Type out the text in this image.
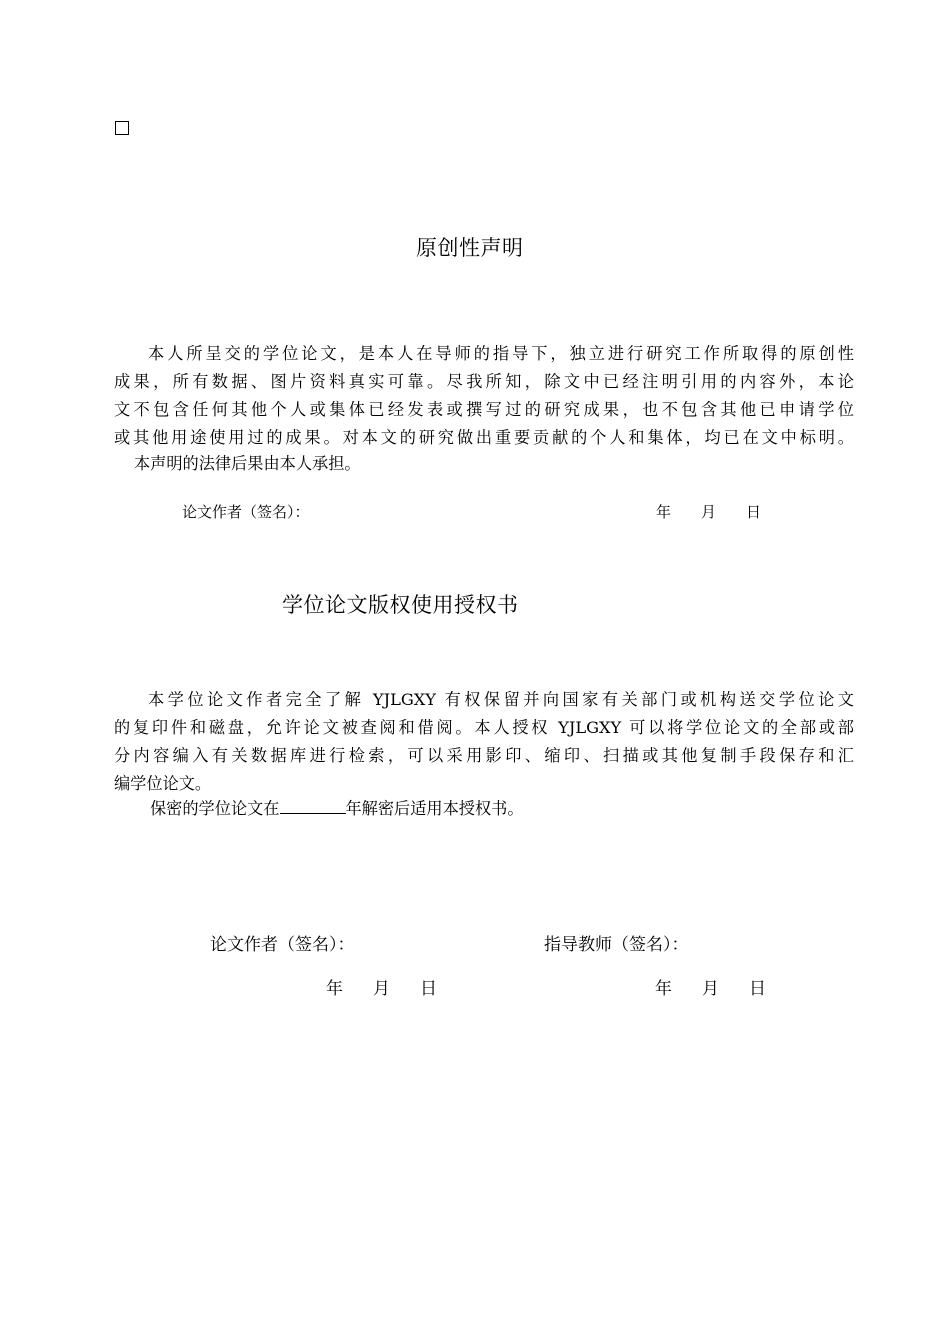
原创性声明
本人所呈交的学位论文，是本人在导师的指导下，独立进行研究工作所取得的原创性
成果，所有数据、图片资料真实可靠。尽我所知，除文中已经注明引用的内容外，本论
文不包含任何其他个人或集体已经发表或撰写过的研究成果，也不包含其他已申请学位
或其他用途使用过的成果。对本文的研究做出重要贡献的个人和集体，均已在文中标明。
本声明的法律后果由本人承担。
论文作者（签名）：	年 月 日
学位论文版权使用授权书
本学位论文作者完全了解 YJLGXY 有权保留并向国家有关部门或机构送交学位论文
的复印件和磁盘，允许论文被查阅和借阅。本人授权 YJLGXY 可以将学位论文的全部或部
分内容编入有关数据库进行检索，可以采用影印、缩印、扫描或其他复制手段保存和汇
编学位论文。
保密的学位论文在	年解密后适用本授权书。
论文作者（签名）：	指导教师（签名）：
年 月 日	年 月 日
